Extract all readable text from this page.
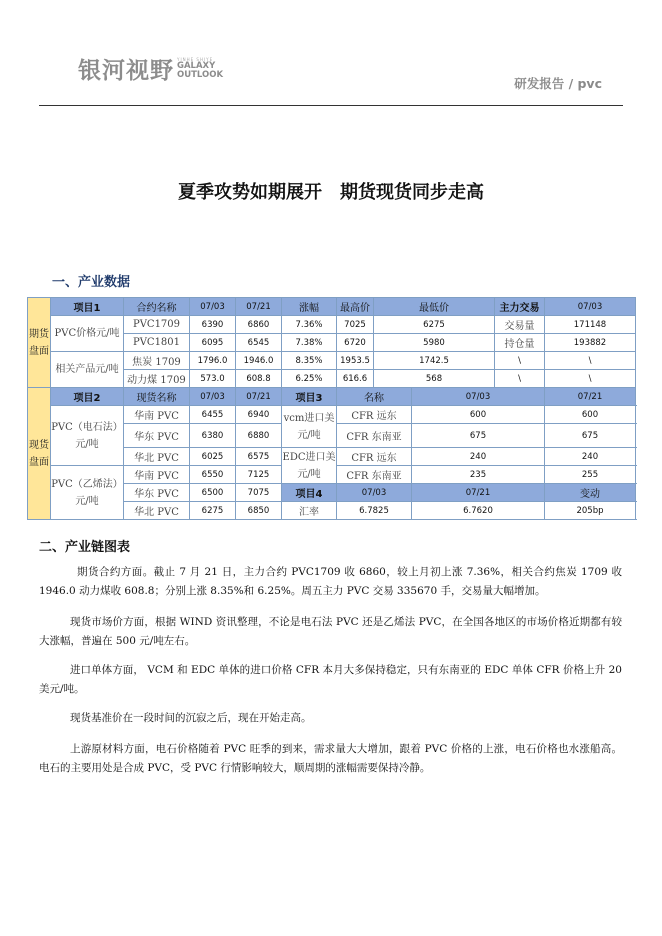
银河视野 YINHE SHIYE
GALAXY
OUTLOOK
研发报告 / pvc
夏季攻势如期展开 期货现货同步走高
一、产业数据
期货盘面	项目1	合约名称	07/03	07/21	涨幅	最高价	最低价		主力交易	07/03	
	PVC价格元/吨	PVC1709	6390	6860	7.36%	7025	6275		交易量	171148	
		PVC1801	6095	6545	7.38%	6720	5980		持仓量	193882	
	相关产品元/吨	焦炭 1709	1796.0	1946.0	8.35%	1953.5	1742.5		\	\	
		动力煤 1709	573.0	608.8	6.25%	616.6	568		\	\	
现货盘面	项目2	现货名称	07/03	07/21	项目3	名称		07/03		07/21	
	PVC（电石法）元/吨	华南 PVC	6455	6940	vcm进口美元/吨	CFR 远东		600		600	
		华东 PVC	6380	6880		CFR 东南亚		675		675	
		华北 PVC	6025	6575	EDC进口美元/吨	CFR 远东		240		240	
	PVC（乙烯法）元/吨	华南 PVC	6550	7125		CFR 东南亚		235		255	
		华东 PVC	6500	7075	项目4	07/03		07/21		变动	
		华北 PVC	6275	6850	汇率	6.7825		6.7620		205bp	
二、产业链图表

期货合约方面。截止 7 月 21 日，主力合约 PVC1709 收 6860，较上月初上涨 7.36%，相关合约焦炭 1709 收 1946.0 动力煤收 608.8；分别上涨 8.35%和 6.25%。周五主力 PVC 交易 335670 手，交易量大幅增加。

现货市场价方面，根据 WIND 资讯整理，不论是电石法 PVC 还是乙烯法 PVC，在全国各地区的市场价格近期都有较大涨幅，普遍在 500 元/吨左右。

进口单体方面， VCM 和 EDC 单体的进口价格 CFR 本月大多保持稳定，只有东南亚的 EDC 单体 CFR 价格上升 20 美元/吨。

现货基准价在一段时间的沉寂之后，现在开始走高。

上游原材料方面，电石价格随着 PVC 旺季的到来，需求量大大增加，跟着 PVC 价格的上涨，电石价格也水涨船高。电石的主要用处是合成 PVC，受 PVC 行情影响较大，顺周期的涨幅需要保持冷静。
